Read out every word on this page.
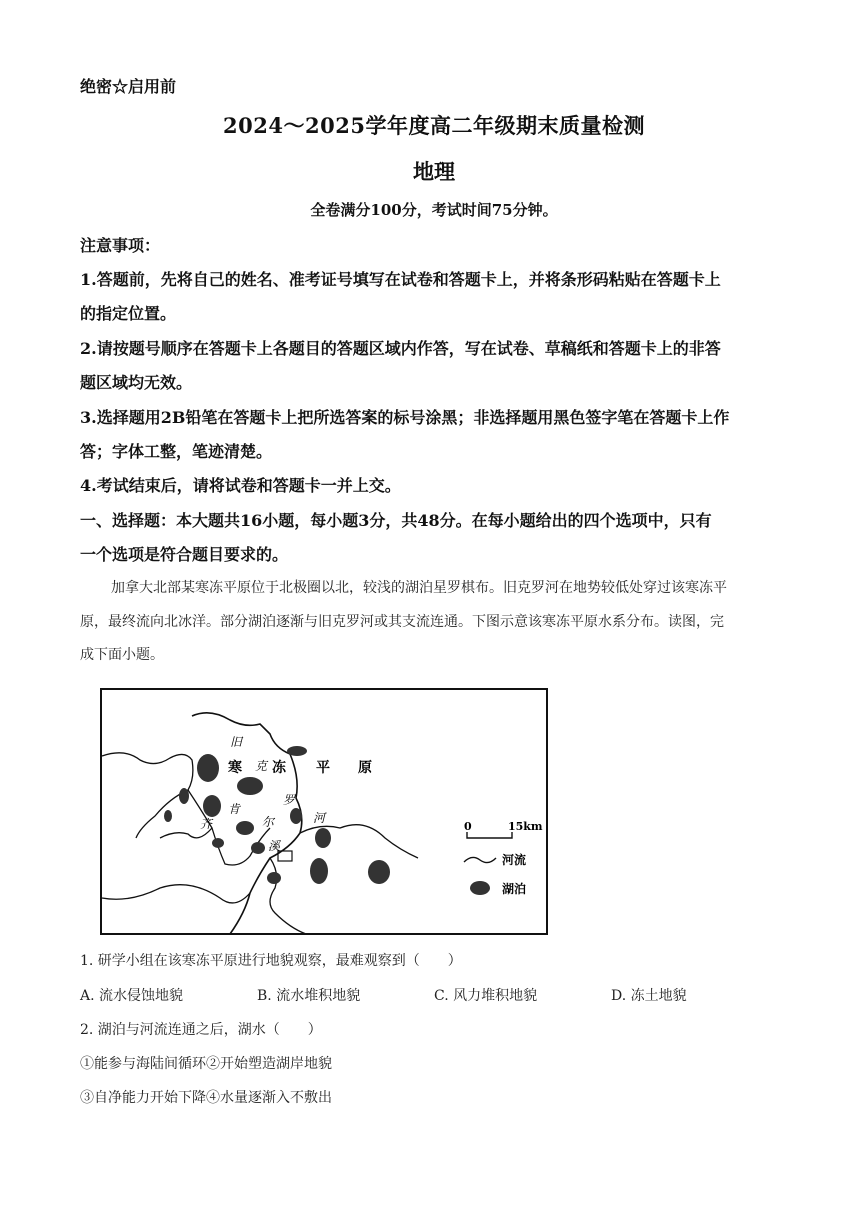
绝密☆启用前
2024～2025学年度高二年级期末质量检测
地理
全卷满分100分，考试时间75分钟。
注意事项：
1.答题前，先将自己的姓名、准考证号填写在试卷和答题卡上，并将条形码粘贴在答题卡上
的指定位置。
2.请按题号顺序在答题卡上各题目的答题区域内作答，写在试卷、草稿纸和答题卡上的非答
题区域均无效。
3.选择题用2B铅笔在答题卡上把所选答案的标号涂黑；非选择题用黑色签字笔在答题卡上作
答；字体工整，笔迹清楚。
4.考试结束后，请将试卷和答题卡一并上交。
一、选择题：本大题共16小题，每小题3分，共48分。在每小题给出的四个选项中，只有
一个选项是符合题目要求的。
加拿大北部某寒冻平原位于北极圈以北，较浅的湖泊星罗棋布。旧克罗河在地势较低处穿过该寒冻平
原，最终流向北冰洋。部分湖泊逐渐与旧克罗河或其支流连通。下图示意该寒冻平原水系分布。读图，完
成下面小题。
旧
克
罗
河
寒 冻 平 原
齐
肯
尔
溪
0	15km
河流
湖泊
1. 研学小组在该寒冻平原进行地貌观察，最难观察到（　　）
A. 流水侵蚀地貌	B. 流水堆积地貌	C. 风力堆积地貌	D. 冻土地貌
2. 湖泊与河流连通之后，湖水（　　）
①能参与海陆间循环②开始塑造湖岸地貌
③自净能力开始下降④水量逐渐入不敷出
